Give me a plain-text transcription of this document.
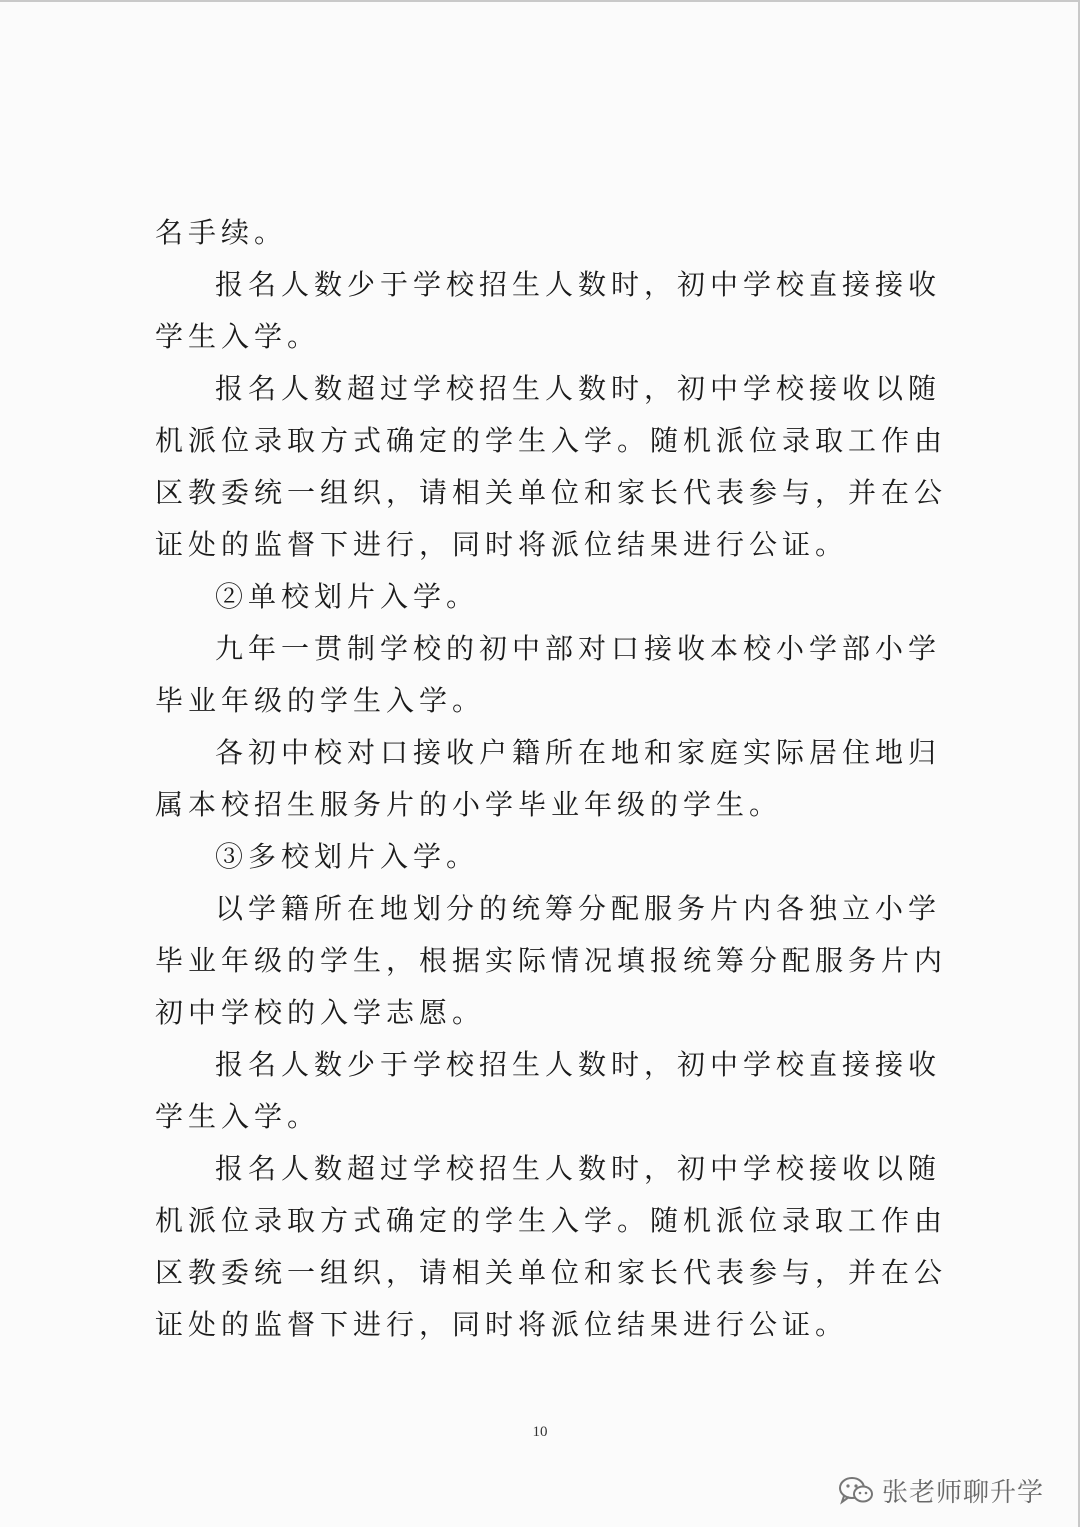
名手续。

报名人数少于学校招生人数时，初中学校直接接收学生入学。

报名人数超过学校招生人数时，初中学校接收以随机派位录取方式确定的学生入学。随机派位录取工作由区教委统一组织，请相关单位和家长代表参与，并在公证处的监督下进行，同时将派位结果进行公证。

②单校划片入学。

九年一贯制学校的初中部对口接收本校小学部小学毕业年级的学生入学。

各初中校对口接收户籍所在地和家庭实际居住地归属本校招生服务片的小学毕业年级的学生。

③多校划片入学。

以学籍所在地划分的统筹分配服务片内各独立小学毕业年级的学生，根据实际情况填报统筹分配服务片内初中学校的入学志愿。

报名人数少于学校招生人数时，初中学校直接接收学生入学。

报名人数超过学校招生人数时，初中学校接收以随机派位录取方式确定的学生入学。随机派位录取工作由区教委统一组织，请相关单位和家长代表参与，并在公证处的监督下进行，同时将派位结果进行公证。

10
张老师聊升学
